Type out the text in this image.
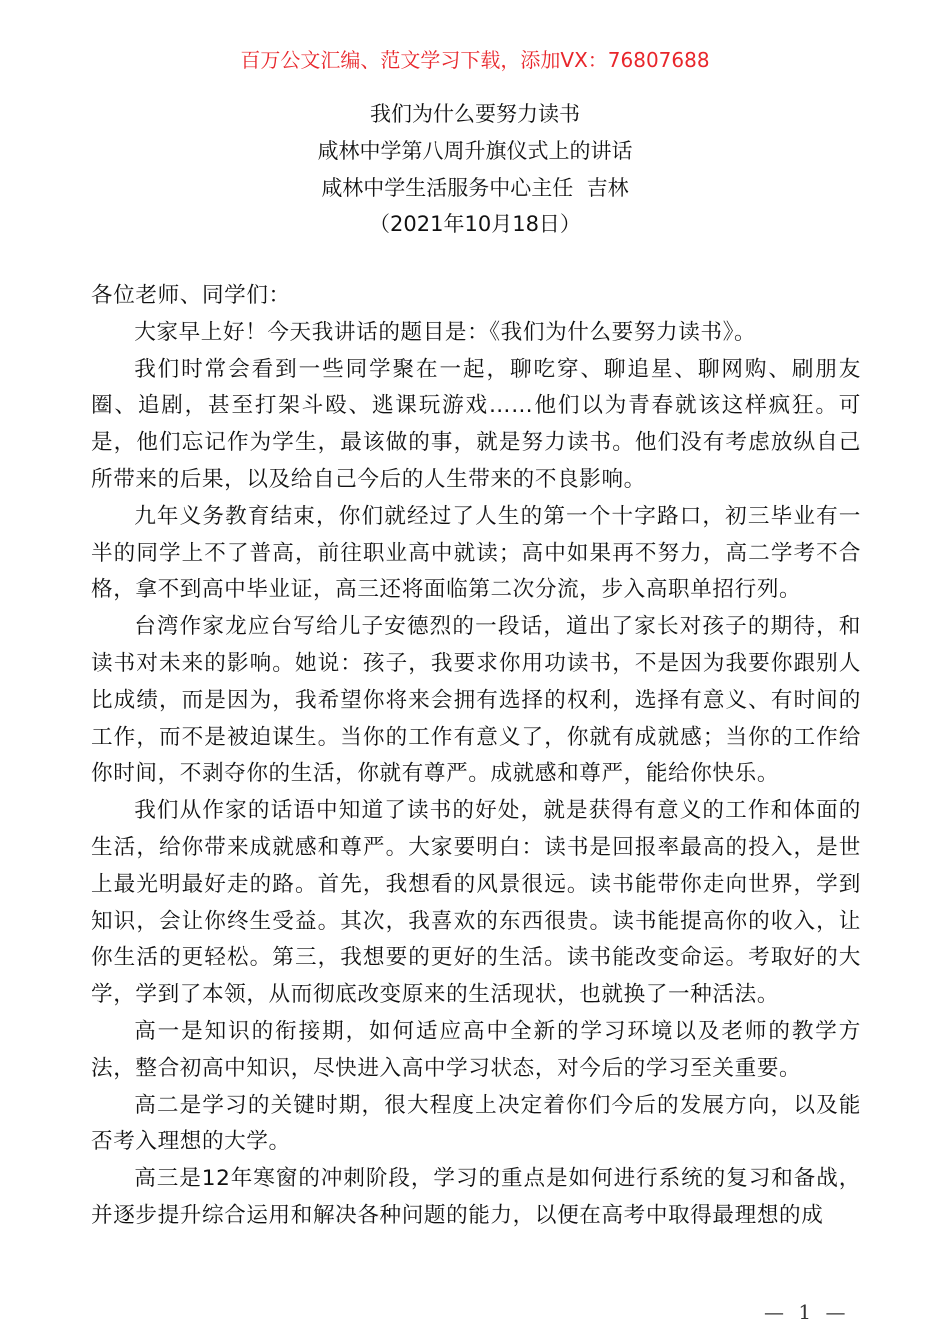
百万公文汇编、范文学习下载，添加VX：76807688
我们为什么要努力读书
咸林中学第八周升旗仪式上的讲话
咸林中学生活服务中心主任  吉林
（2021年10月18日）

各位老师、同学们：

大家早上好！今天我讲话的题目是：《我们为什么要努力读书》。

我们时常会看到一些同学聚在一起，聊吃穿、聊追星、聊网购、刷朋友圈、追剧，甚至打架斗殴、逃课玩游戏……他们以为青春就该这样疯狂。可是，他们忘记作为学生，最该做的事，就是努力读书。他们没有考虑放纵自己所带来的后果，以及给自己今后的人生带来的不良影响。

九年义务教育结束，你们就经过了人生的第一个十字路口，初三毕业有一半的同学上不了普高，前往职业高中就读；高中如果再不努力，高二学考不合格，拿不到高中毕业证，高三还将面临第二次分流，步入高职单招行列。

台湾作家龙应台写给儿子安德烈的一段话，道出了家长对孩子的期待，和读书对未来的影响。她说：孩子，我要求你用功读书，不是因为我要你跟别人比成绩，而是因为，我希望你将来会拥有选择的权利，选择有意义、有时间的工作，而不是被迫谋生。当你的工作有意义了，你就有成就感；当你的工作给你时间，不剥夺你的生活，你就有尊严。成就感和尊严，能给你快乐。

我们从作家的话语中知道了读书的好处，就是获得有意义的工作和体面的生活，给你带来成就感和尊严。大家要明白：读书是回报率最高的投入，是世上最光明最好走的路。首先，我想看的风景很远。读书能带你走向世界，学到知识，会让你终生受益。其次，我喜欢的东西很贵。读书能提高你的收入，让你生活的更轻松。第三，我想要的更好的生活。读书能改变命运。考取好的大学，学到了本领，从而彻底改变原来的生活现状，也就换了一种活法。

高一是知识的衔接期，如何适应高中全新的学习环境以及老师的教学方法，整合初高中知识，尽快进入高中学习状态，对今后的学习至关重要。

高二是学习的关键时期，很大程度上决定着你们今后的发展方向，以及能否考入理想的大学。

高三是12年寒窗的冲刺阶段，学习的重点是如何进行系统的复习和备战，并逐步提升综合运用和解决各种问题的能力，以便在高考中取得最理想的成

— 1 —
